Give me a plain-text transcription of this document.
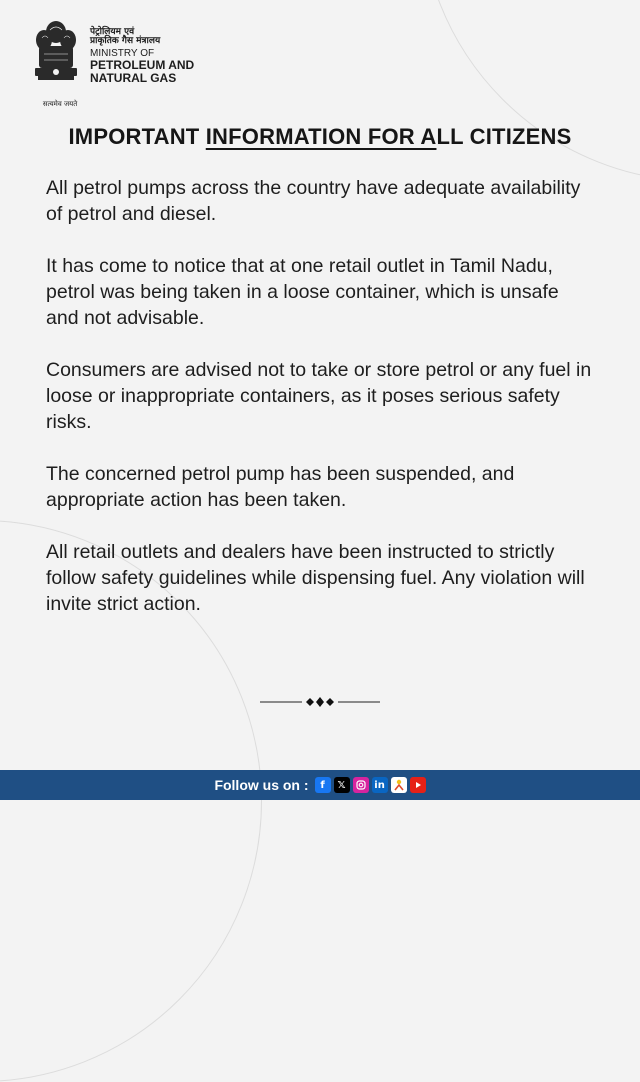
सत्यमेव जयते
पेट्रोलियम एवं
प्राकृतिक गैस मंत्रालय
MINISTRY OF
PETROLEUM AND
NATURAL GAS
IMPORTANT INFORMATION FOR ALL CITIZENS

All petrol pumps across the country have adequate availability of petrol and diesel.

It has come to notice that at one retail outlet in Tamil Nadu, petrol was being taken in a loose container, which is unsafe and not advisable.

Consumers are advised not to take or store petrol or any fuel in loose or inappropriate containers, as it poses serious safety risks.

The concerned petrol pump has been suspended, and appropriate action has been taken.

All retail outlets and dealers have been instructed to strictly follow safety guidelines while dispensing fuel. Any violation will invite strict action.

Follow us on :	f	𝕏	in
